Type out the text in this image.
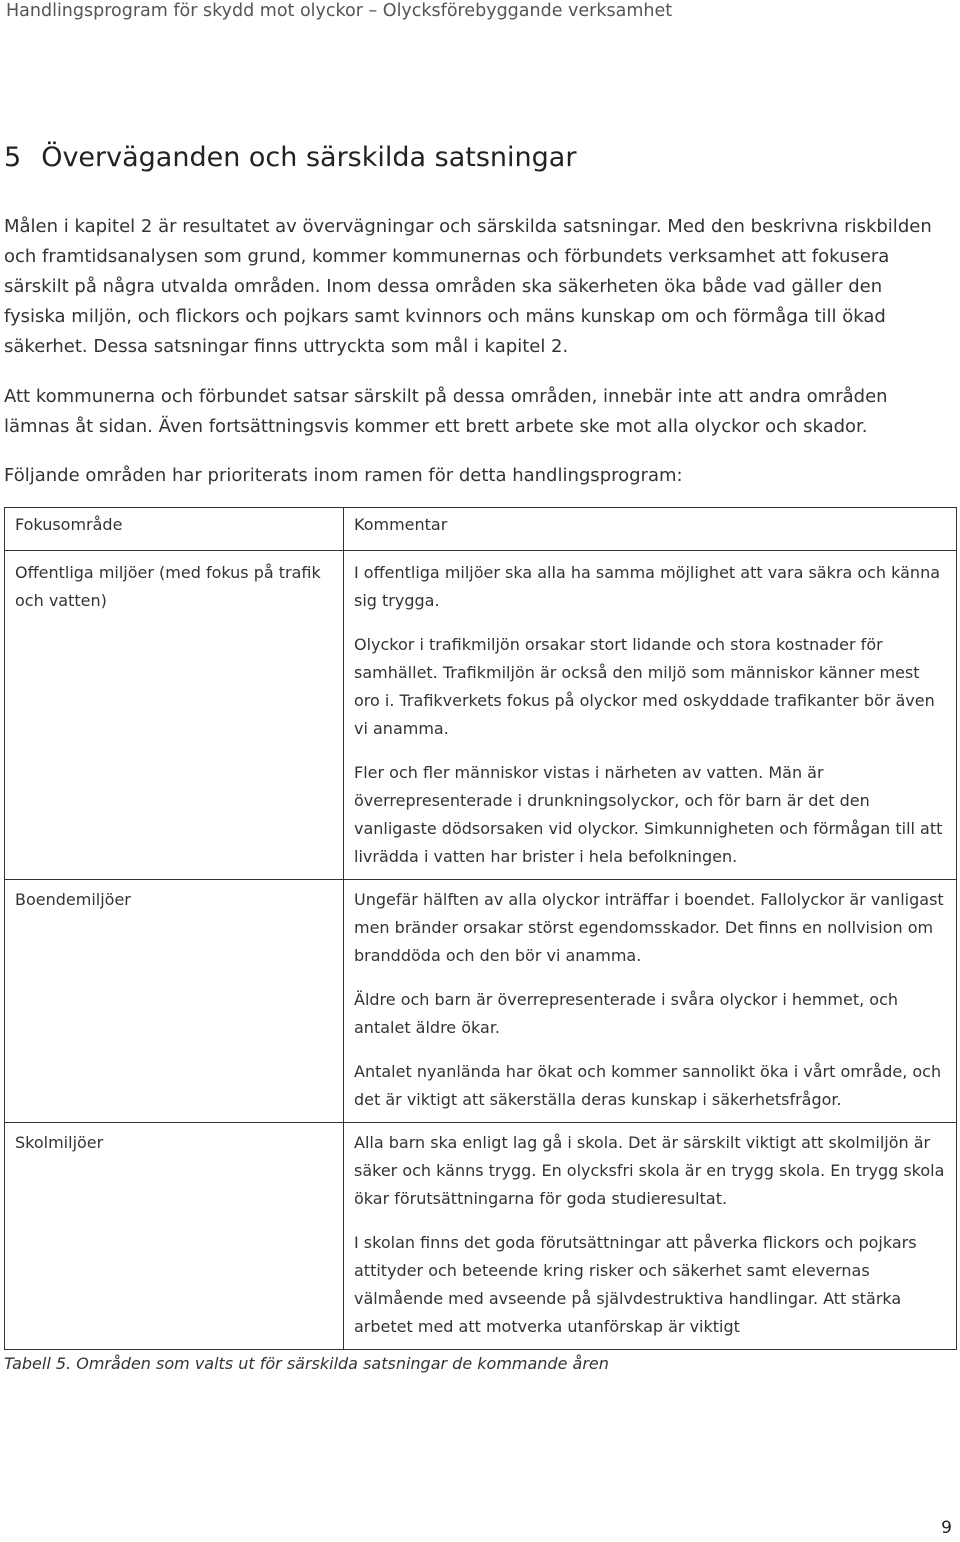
Handlingsprogram för skydd mot olyckor – Olycksförebyggande verksamhet
5 Överväganden och särskilda satsningar

Målen i kapitel 2 är resultatet av övervägningar och särskilda satsningar. Med den beskrivna riskbilden och framtidsanalysen som grund, kommer kommunernas och förbundets verksamhet att fokusera särskilt på några utvalda områden. Inom dessa områden ska säkerheten öka både vad gäller den fysiska miljön, och flickors och pojkars samt kvinnors och mäns kunskap om och förmåga till ökad säkerhet. Dessa satsningar finns uttryckta som mål i kapitel 2.

Att kommunerna och förbundet satsar särskilt på dessa områden, innebär inte att andra områden lämnas åt sidan. Även fortsättningsvis kommer ett brett arbete ske mot alla olyckor och skador.

Följande områden har prioriterats inom ramen för detta handlingsprogram:

Fokusområde	Kommentar
Offentliga miljöer (med fokus på trafik och vatten)	I offentliga miljöer ska alla ha samma möjlighet att vara säkra och känna sig trygga.

Olyckor i trafikmiljön orsakar stort lidande och stora kostnader för samhället. Trafikmiljön är också den miljö som människor känner mest oro i. Trafikverkets fokus på olyckor med oskyddade trafikanter bör även vi anamma.

Fler och fler människor vistas i närheten av vatten. Män är överrepresenterade i drunkningsolyckor, och för barn är det den vanligaste dödsorsaken vid olyckor. Simkunnigheten och förmågan till att livrädda i vatten har brister i hela befolkningen.

Boendemiljöer	Ungefär hälften av alla olyckor inträffar i boendet. Fallolyckor är vanligast men bränder orsakar störst egendomsskador. Det finns en nollvision om branddöda och den bör vi anamma.

Äldre och barn är överrepresenterade i svåra olyckor i hemmet, och antalet äldre ökar.

Antalet nyanlända har ökat och kommer sannolikt öka i vårt område, och det är viktigt att säkerställa deras kunskap i säkerhetsfrågor.

Skolmiljöer	Alla barn ska enligt lag gå i skola. Det är särskilt viktigt att skolmiljön är säker och känns trygg. En olycksfri skola är en trygg skola. En trygg skola ökar förutsättningarna för goda studieresultat.

I skolan finns det goda förutsättningar att påverka flickors och pojkars attityder och beteende kring risker och säkerhet samt elevernas välmående med avseende på självdestruktiva handlingar. Att stärka arbetet med att motverka utanförskap är viktigt

Tabell 5. Områden som valts ut för särskilda satsningar de kommande åren
9
